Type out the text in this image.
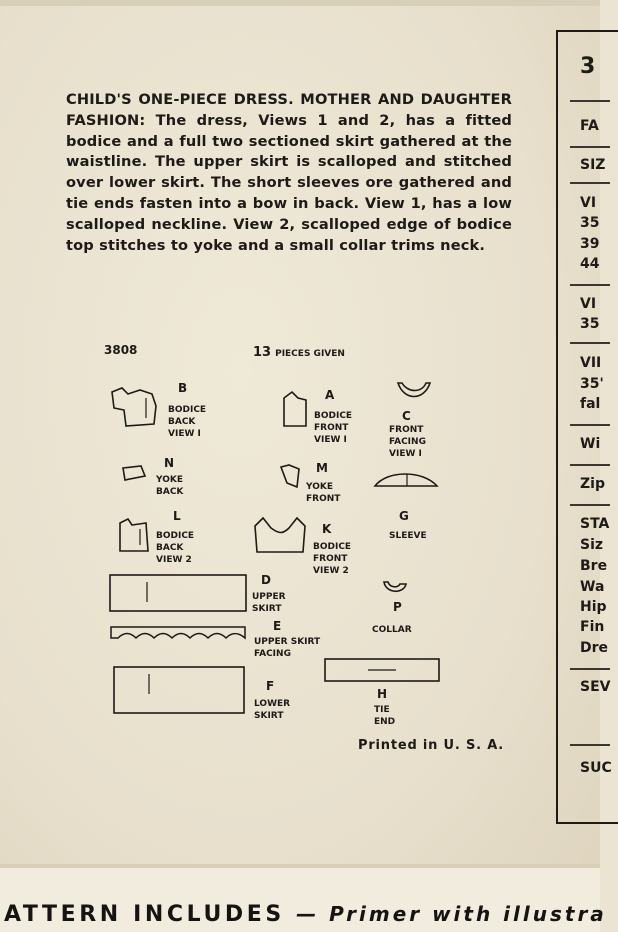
CHILD'S ONE-PIECE DRESS. MOTHER AND DAUGHTER FASHION: The dress, Views 1 and 2, has a fitted bodice and a full two sectioned skirt gathered at the waistline. The upper skirt is scalloped and stitched over lower skirt. The short sleeves ore gathered and tie ends fasten into a bow in back. View 1, has a low scalloped neckline. View 2, scalloped edge of bodice top stitches to yoke and a small collar trims neck.
3808	13 PIECES GIVEN
B
BODICE
BACK
VIEW I
A
BODICE
FRONT
VIEW I
C
FRONT
FACING
VIEW I
N
YOKE
BACK
M
YOKE
FRONT
G
SLEEVE
L
BODICE
BACK
VIEW 2
K
BODICE
FRONT
VIEW 2
D
UPPER
SKIRT	P
COLLAR
E
UPPER SKIRT
FACING
H
TIE
END
F
LOWER
SKIRT
Printed in U. S. A.
3
FA
SIZ
VI
35
39
44
VI
35
VII
35'
fal
Wi
Zip
STA
Siz
Bre
Wa
Hip
Fin
Dre
SEV
SUC
ATTERN INCLUDES — Primer with illustra
